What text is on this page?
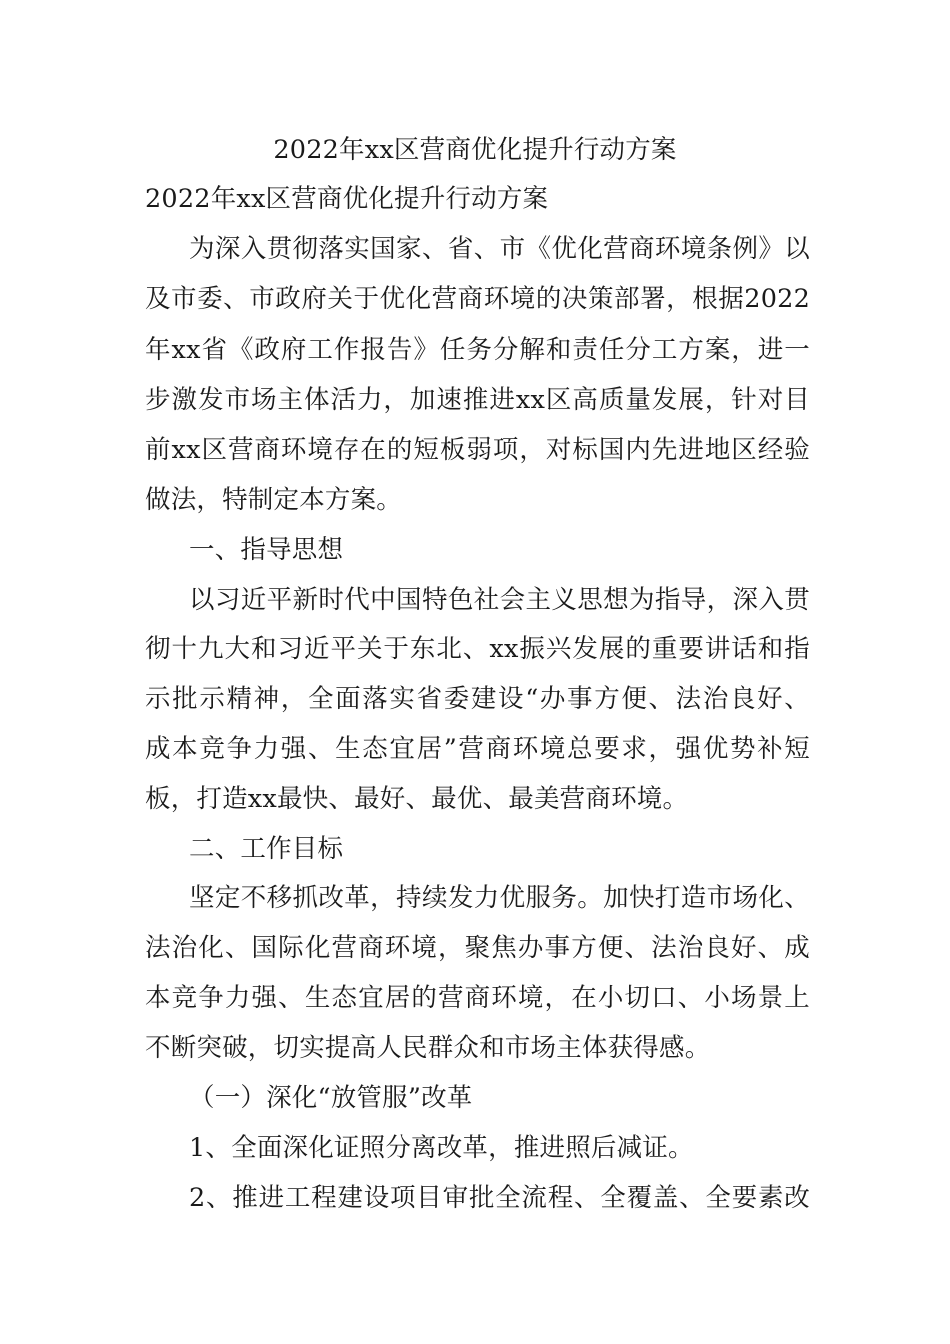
2022年xx区营商优化提升行动方案
2022年xx区营商优化提升行动方案
为深入贯彻落实国家、省、市《优化营商环境条例》以
及市委、市政府关于优化营商环境的决策部署，根据2022
年xx省《政府工作报告》任务分解和责任分工方案，进一
步激发市场主体活力，加速推进xx区高质量发展，针对目
前xx区营商环境存在的短板弱项，对标国内先进地区经验
做法，特制定本方案。
一、指导思想
以习近平新时代中国特色社会主义思想为指导，深入贯
彻十九大和习近平关于东北、xx振兴发展的重要讲话和指
示批示精神，全面落实省委建设“办事方便、法治良好、
成本竞争力强、生态宜居”营商环境总要求，强优势补短
板，打造xx最快、最好、最优、最美营商环境。
二、工作目标
坚定不移抓改革，持续发力优服务。加快打造市场化、
法治化、国际化营商环境，聚焦办事方便、法治良好、成
本竞争力强、生态宜居的营商环境，在小切口、小场景上
不断突破，切实提高人民群众和市场主体获得感。
（一）深化“放管服”改革
1、全面深化证照分离改革，推进照后减证。
2、推进工程建设项目审批全流程、全覆盖、全要素改
